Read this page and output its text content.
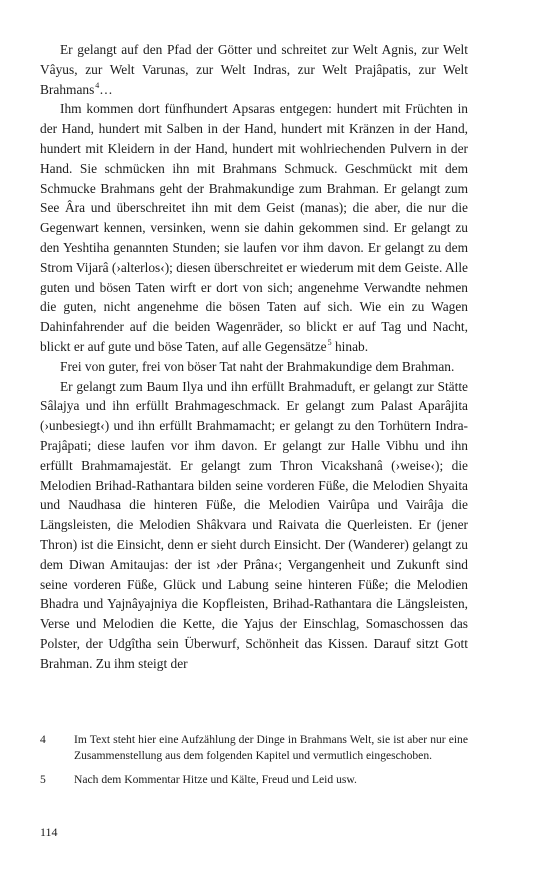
Er gelangt auf den Pfad der Götter und schreitet zur Welt Agnis, zur Welt Vâyus, zur Welt Varunas, zur Welt Indras, zur Welt Prajâpatis, zur Welt Brahmans$^4$…

Ihm kommen dort fünfhundert Apsaras entgegen: hundert mit Früchten in der Hand, hundert mit Salben in der Hand, hundert mit Kränzen in der Hand, hundert mit Kleidern in der Hand, hundert mit wohlriechenden Pulvern in der Hand. Sie schmücken ihn mit Brahmans Schmuck. Geschmückt mit dem Schmucke Brahmans geht der Brahmakundige zum Brahman. Er gelangt zum See Âra und überschreitet ihn mit dem Geist (manas); die aber, die nur die Gegenwart kennen, versinken, wenn sie dahin gekommen sind. Er gelangt zu den Yeshtiha genannten Stunden; sie laufen vor ihm davon. Er gelangt zu dem Strom Vijarâ (›alterlos‹); diesen überschreitet er wiederum mit dem Geiste. Alle guten und bösen Taten wirft er dort von sich; angenehme Verwandte nehmen die guten, nicht angenehme die bösen Taten auf sich. Wie ein zu Wagen Dahinfahrender auf die beiden Wagenräder, so blickt er auf Tag und Nacht, blickt er auf gute und böse Taten, auf alle Gegensätze$^5$ hinab.

Frei von guter, frei von böser Tat naht der Brahmakundige dem Brahman.

Er gelangt zum Baum Ilya und ihn erfüllt Brahmaduft, er gelangt zur Stätte Sâlajya und ihn erfüllt Brahmageschmack. Er gelangt zum Palast Aparâjita (›unbesiegt‹) und ihn erfüllt Brahmamacht; er gelangt zu den Torhütern Indra-Prajâpati; diese laufen vor ihm davon. Er gelangt zur Halle Vibhu und ihn erfüllt Brahmamajestät. Er gelangt zum Thron Vicakshanâ (›weise‹); die Melodien Brihad-Rathantara bilden seine vorderen Füße, die Melodien Shyaita und Naudhasa die hinteren Füße, die Melodien Vairûpa und Vairâja die Längsleisten, die Melodien Shâkvara und Raivata die Querleisten. Er (jener Thron) ist die Einsicht, denn er sieht durch Einsicht. Der (Wanderer) gelangt zu dem Diwan Amitaujas: der ist ›der Prâna‹; Vergangenheit und Zukunft sind seine vorderen Füße, Glück und Labung seine hinteren Füße; die Melodien Bhadra und Yajnâyajniya die Kopfleisten, Brihad-Rathantara die Längsleisten, Verse und Melodien die Kette, die Yajus der Einschlag, Somaschossen das Polster, der Udgîtha sein Überwurf, Schönheit das Kissen. Darauf sitzt Gott Brahman. Zu ihm steigt der

4	Im Text steht hier eine Aufzählung der Dinge in Brahmans Welt, sie ist aber nur eine Zusammenstellung aus dem folgenden Kapitel und vermutlich eingeschoben.
5	Nach dem Kommentar Hitze und Kälte, Freud und Leid usw.
114
